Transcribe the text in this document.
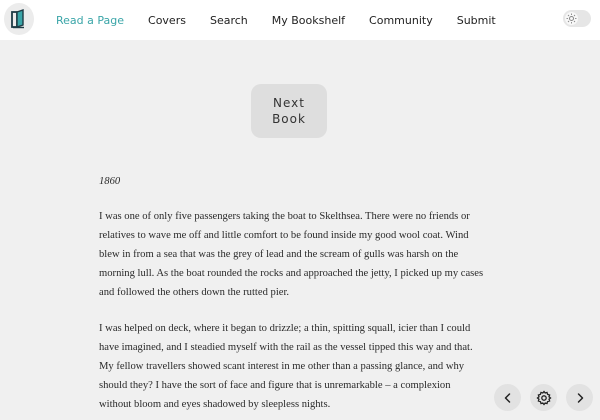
Read a Page Covers Search My Bookshelf Community Submit
Next
Book

1860

I was one of only five passengers taking the boat to Skelthsea. There were no friends or relatives to wave me off and little comfort to be found inside my good wool coat. Wind blew in from a sea that was the grey of lead and the scream of gulls was harsh on the morning lull. As the boat rounded the rocks and approached the jetty, I picked up my cases and followed the others down the rutted pier.

I was helped on deck, where it began to drizzle; a thin, spitting squall, icier than I could have imagined, and I steadied myself with the rail as the vessel tipped this way and that. My fellow travellers showed scant interest in me other than a passing glance, and why should they? I have the sort of face and figure that is unremarkable – a complexion without bloom and eyes shadowed by sleepless nights.
